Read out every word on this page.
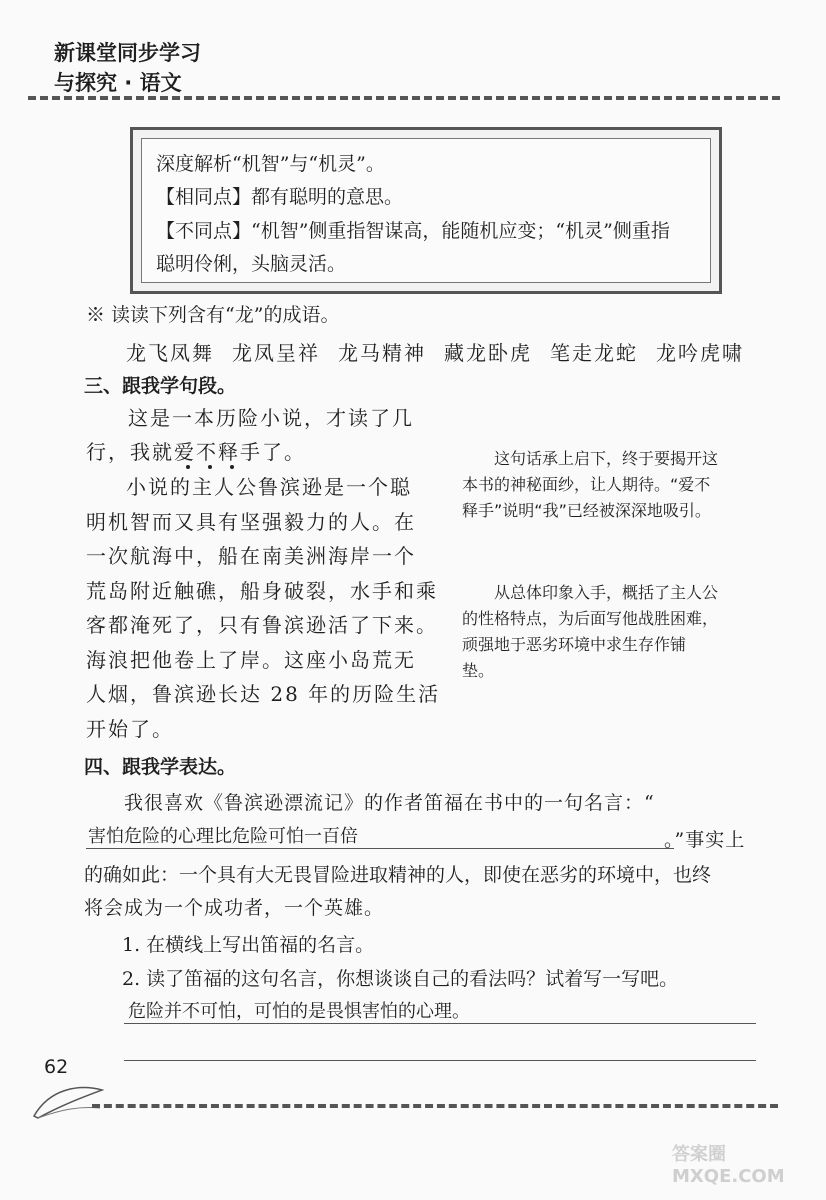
新课堂同步学习
与探究 · 语文
深度解析“机智”与“机灵”。
【相同点】都有聪明的意思。
【不同点】“机智”侧重指智谋高，能随机应变；“机灵”侧重指
聪明伶俐，头脑灵活。
※ 读读下列含有“龙”的成语。
龙飞凤舞 龙凤呈祥 龙马精神 藏龙卧虎 笔走龙蛇 龙吟虎啸
三、跟我学句段。
这是一本历险小说，才读了几
行，我就爱不释手了。
小说的主人公鲁滨逊是一个聪
明机智而又具有坚强毅力的人。在
一次航海中，船在南美洲海岸一个
荒岛附近触礁，船身破裂，水手和乘
客都淹死了，只有鲁滨逊活了下来。
海浪把他卷上了岸。这座小岛荒无
人烟，鲁滨逊长达 28 年的历险生活
开始了。
这句话承上启下，终于要揭开这
本书的神秘面纱，让人期待。“爱不
释手”说明“我”已经被深深地吸引。
从总体印象入手，概括了主人公
的性格特点，为后面写他战胜困难，
顽强地于恶劣环境中求生存作铺
垫。
四、跟我学表达。
我很喜欢《鲁滨逊漂流记》的作者笛福在书中的一句名言：“
害怕危险的心理比危险可怕一百倍	。”事实上
的确如此：一个具有大无畏冒险进取精神的人，即使在恶劣的环境中，也终
将会成为一个成功者，一个英雄。
1. 在横线上写出笛福的名言。
2. 读了笛福的这句名言，你想谈谈自己的看法吗？试着写一写吧。
危险并不可怕，可怕的是畏惧害怕的心理。
62
答案圈 MXQE.COM
